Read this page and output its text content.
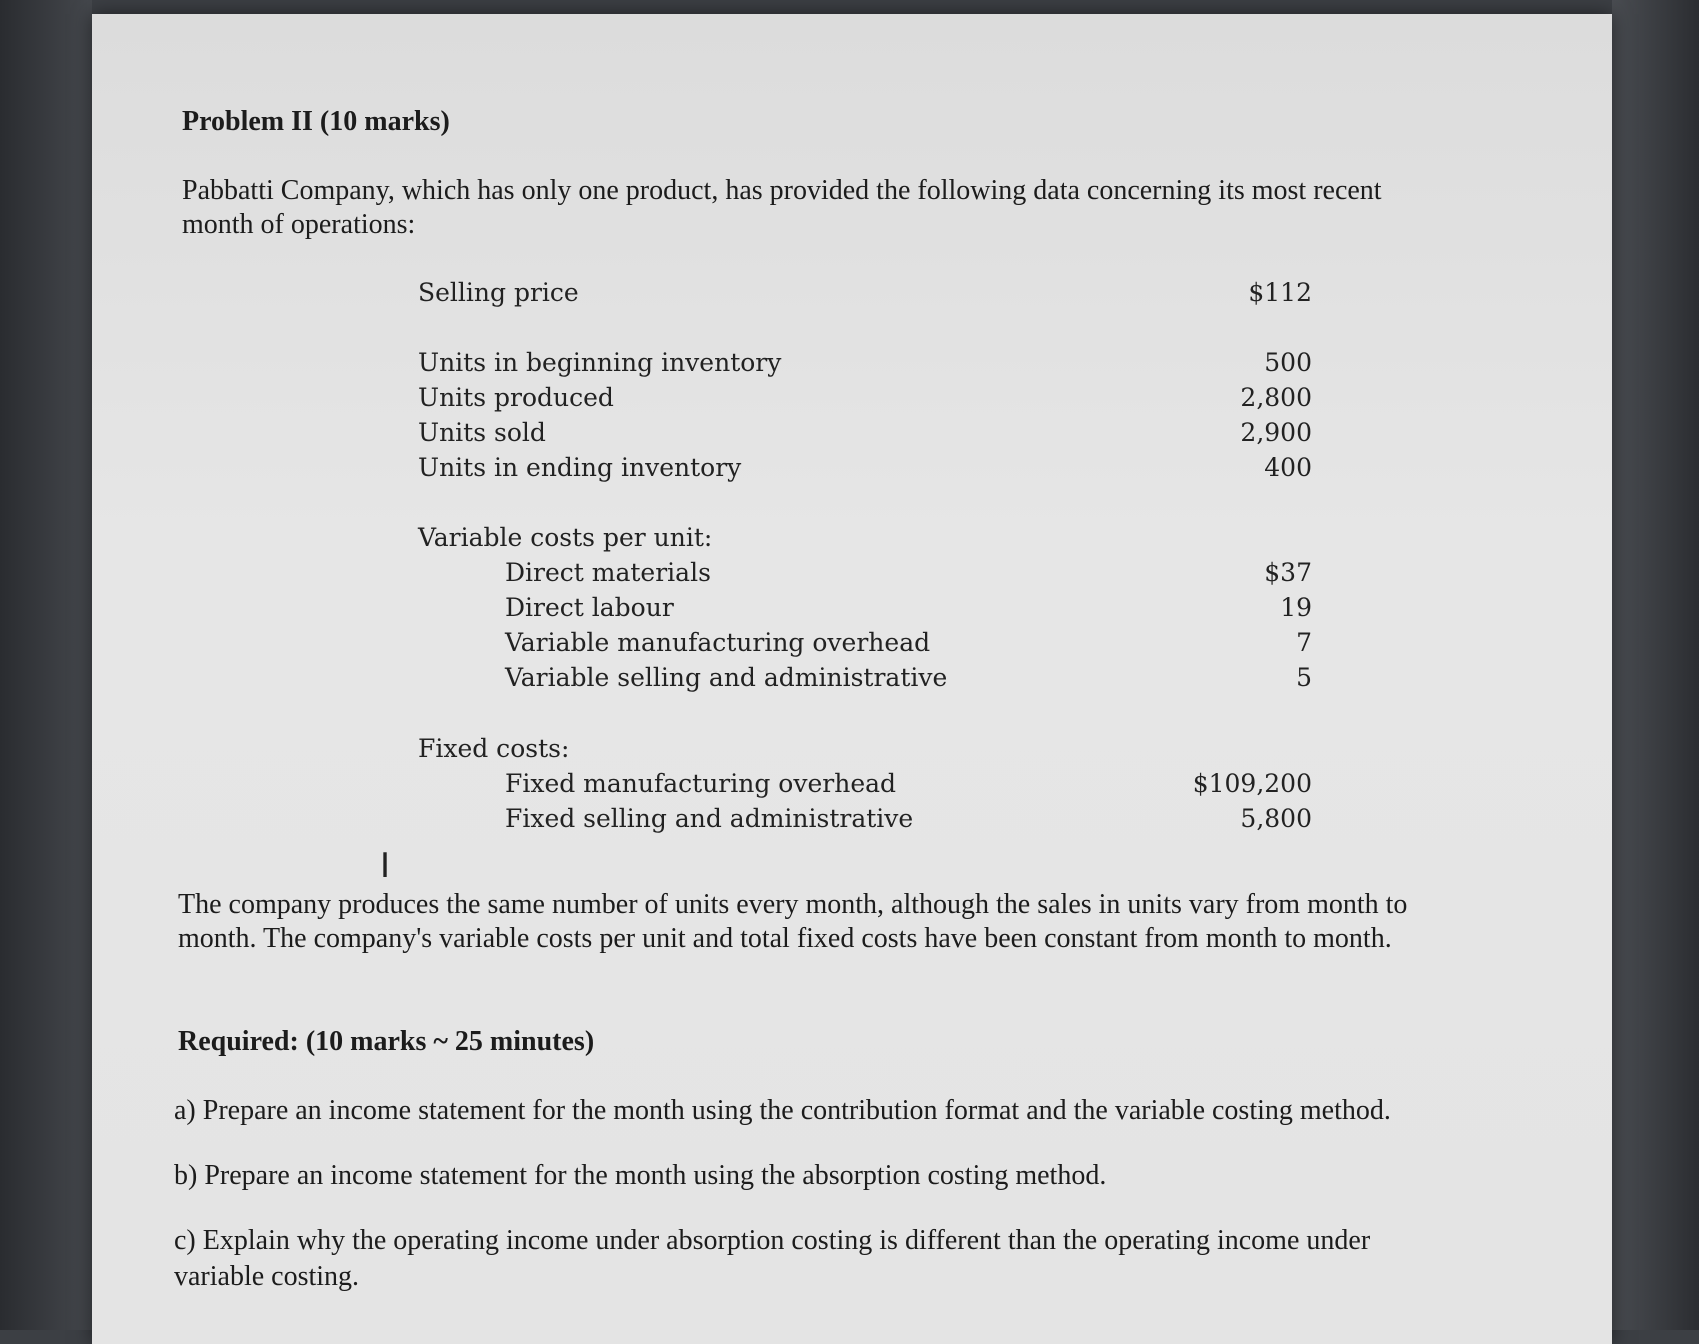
Problem II (10 marks)
Pabbatti Company, which has only one product, has provided the following data concerning its most recent
month of operations:
Selling price	$112
Units in beginning inventory	500
Units produced	2,800
Units sold	2,900
Units in ending inventory	400
Variable costs per unit:
Direct materials	$37
Direct labour	19
Variable manufacturing overhead	7
Variable selling and administrative	5
Fixed costs:
Fixed manufacturing overhead	$109,200
Fixed selling and administrative	5,800
The company produces the same number of units every month, although the sales in units vary from month to
month. The company's variable costs per unit and total fixed costs have been constant from month to month.
Required: (10 marks ~ 25 minutes)
a) Prepare an income statement for the month using the contribution format and the variable costing method.
b) Prepare an income statement for the month using the absorption costing method.
c) Explain why the operating income under absorption costing is different than the operating income under
variable costing.
I
